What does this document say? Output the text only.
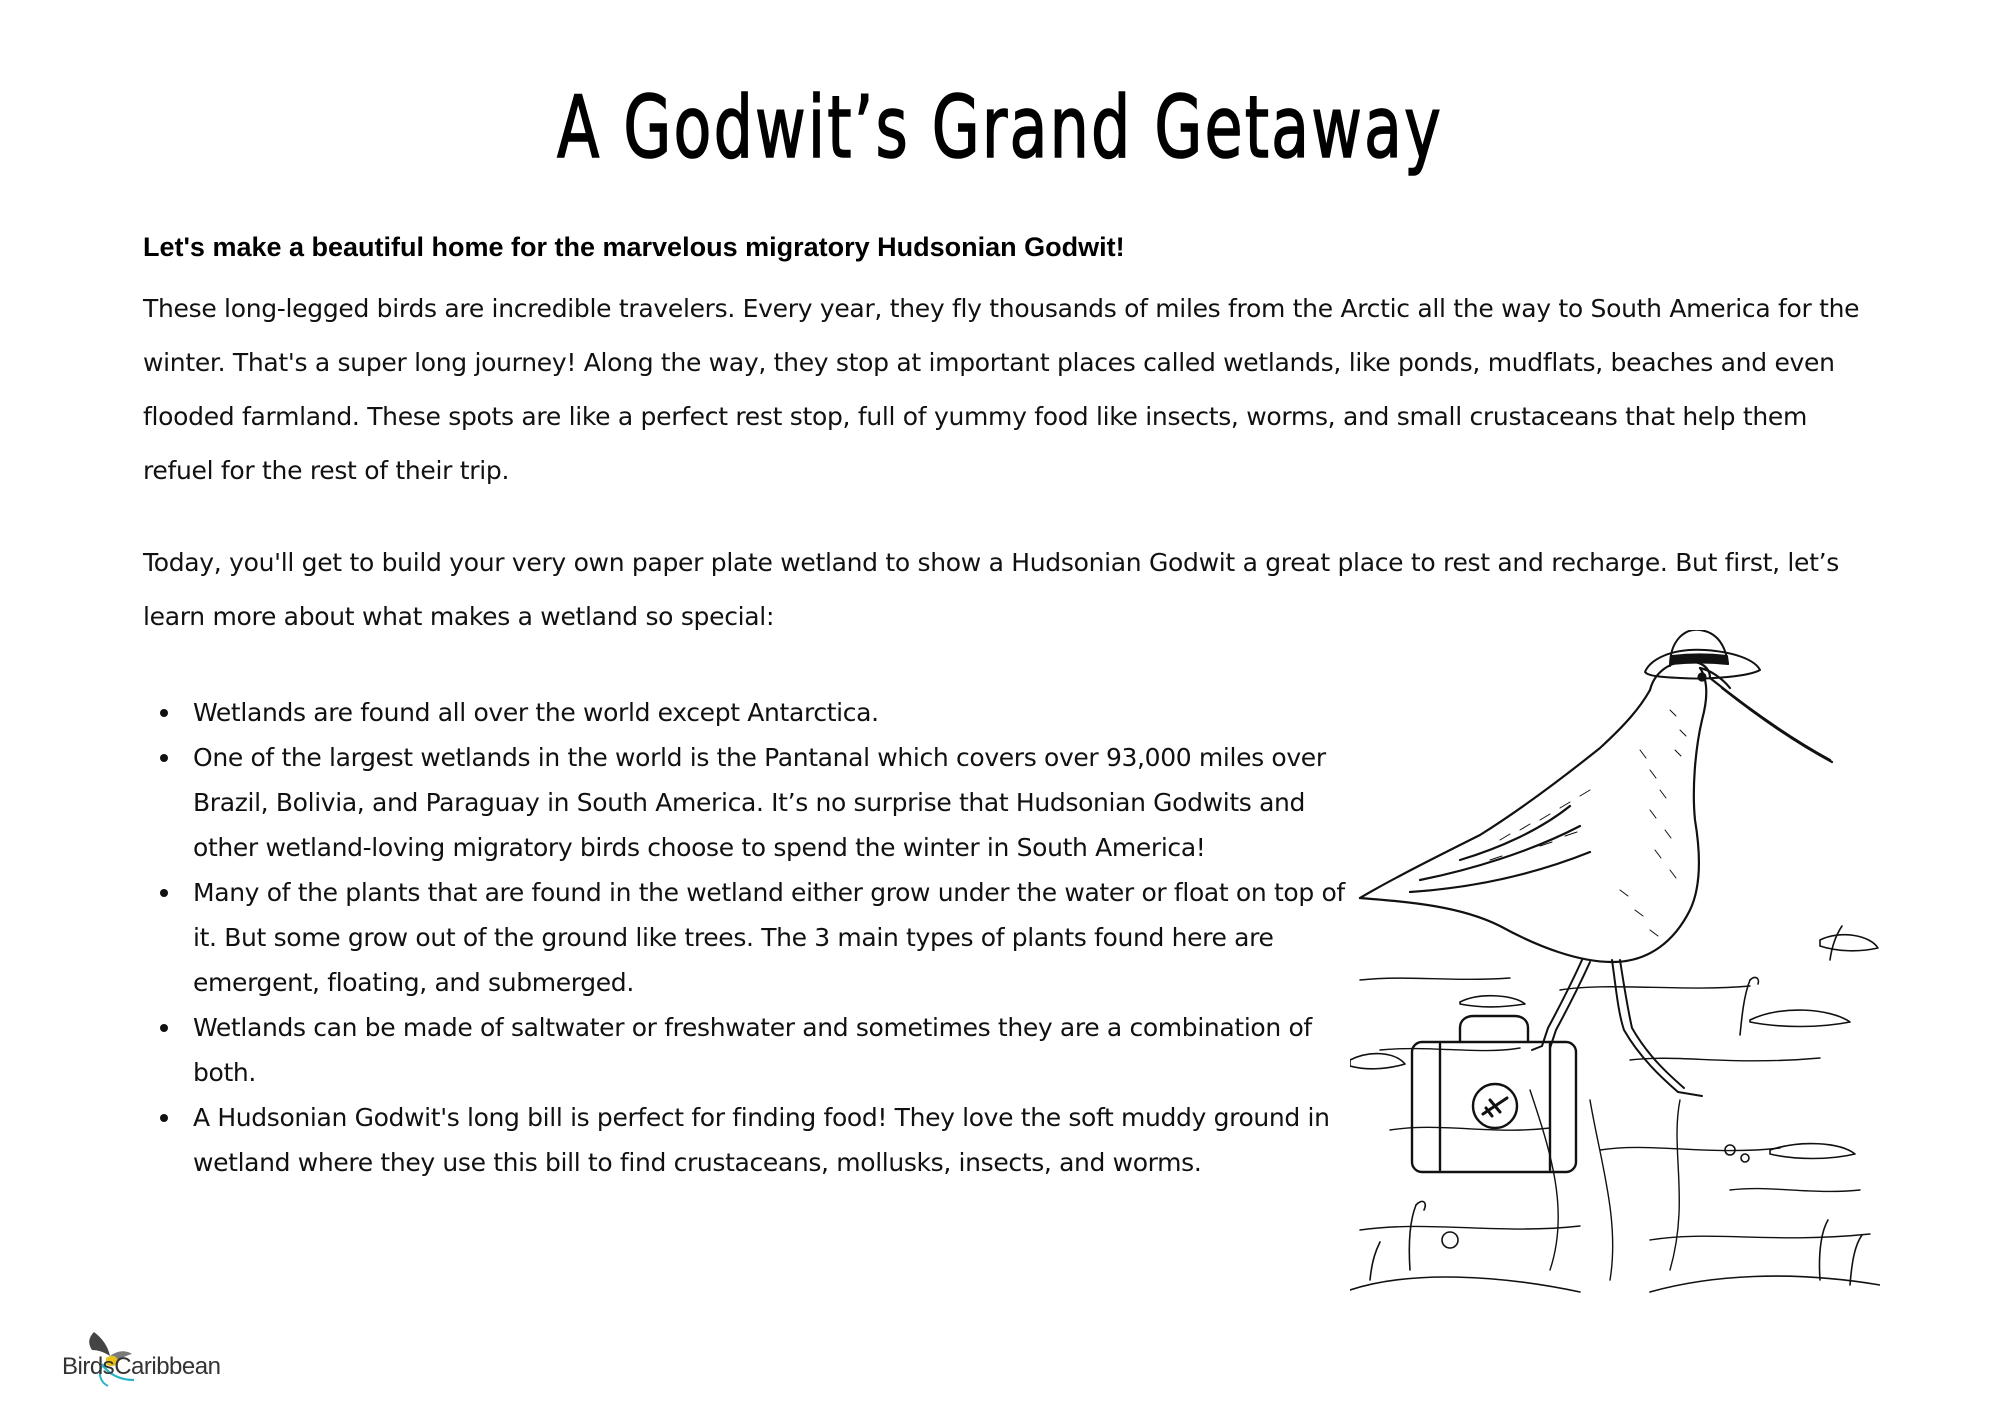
A Godwit’s Grand Getaway
Let's make a beautiful home for the marvelous migratory Hudsonian Godwit!

These long-legged birds are incredible travelers. Every year, they fly thousands of miles from the Arctic all the way to South America for the winter. That's a super long journey! Along the way, they stop at important places called wetlands, like ponds, mudflats, beaches and even flooded farmland. These spots are like a perfect rest stop, full of yummy food like insects, worms, and small crustaceans that help them refuel for the rest of their trip.

Today, you'll get to build your very own paper plate wetland to show a Hudsonian Godwit a great place to rest and recharge. But first, let’s learn more about what makes a wetland so special:

Wetlands are found all over the world except Antarctica.
One of the largest wetlands in the world is the Pantanal which covers over 93,000 miles over Brazil, Bolivia, and Paraguay in South America. It’s no surprise that Hudsonian Godwits and other wetland-loving migratory birds choose to spend the winter in South America!
Many of the plants that are found in the wetland either grow under the water or float on top of it. But some grow out of the ground like trees. The 3 main types of plants found here are emergent, floating, and submerged.
Wetlands can be made of saltwater or freshwater and sometimes they are a combination of both.
A Hudsonian Godwit's long bill is perfect for finding food! They love the soft muddy ground in wetland where they use this bill to find crustaceans, mollusks, insects, and worms.
BirdsCaribbean
